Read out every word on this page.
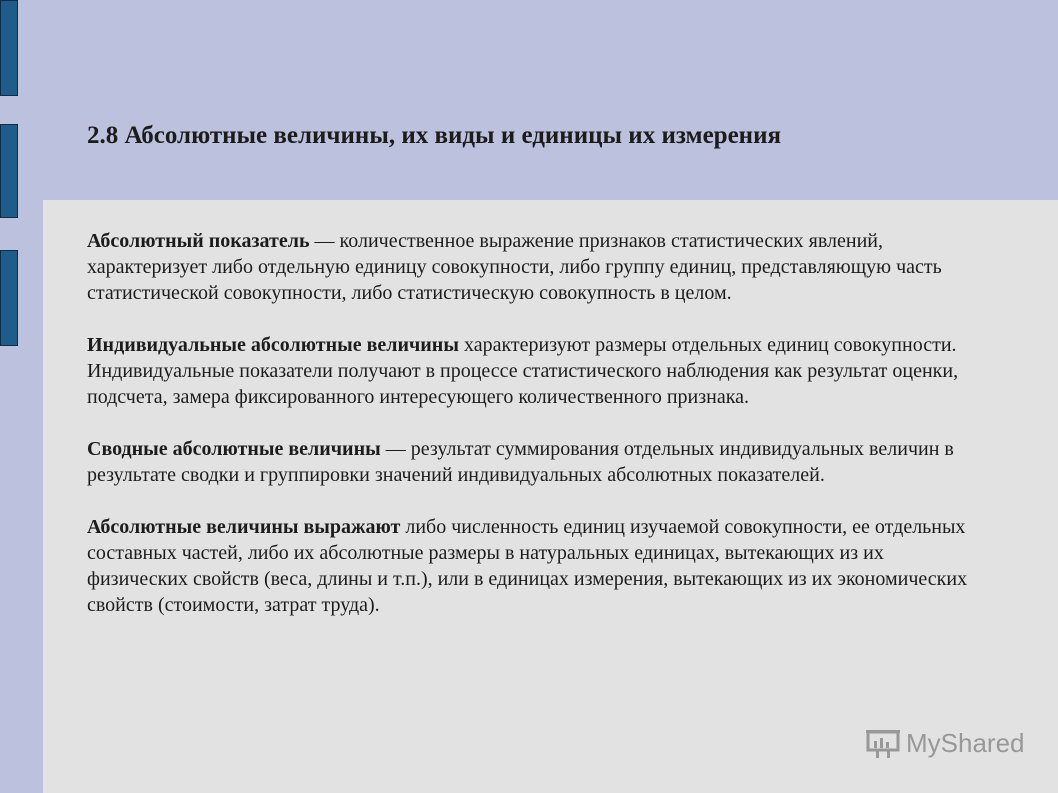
2.8 Абсолютные величины, их виды и единицы их измерения

Абсолютный показатель — количественное выражение признаков статистических явлений, характеризует либо отдельную единицу совокупности, либо группу единиц, представляющую часть статистической совокупности, либо статистическую совокупность в целом.

Индивидуальные абсолютные величины характеризуют размеры отдельных единиц совокупности. Индивидуальные показатели получают в процессе статистического наблюдения как результат оценки, подсчета, замера фиксированного интересующего количественного признака.

Сводные абсолютные величины — результат суммирования отдельных индивидуальных величин в результате сводки и группировки значений индивидуальных абсолютных показателей.

Абсолютные величины выражают либо численность единиц изучаемой совокупности, ее отдельных составных частей, либо их абсолютные размеры в натуральных единицах, вытекающих из их физических свойств (веса, длины и т.п.), или в единицах измерения, вытекающих из их экономических свойств (стоимости, затрат труда).

MyShared
